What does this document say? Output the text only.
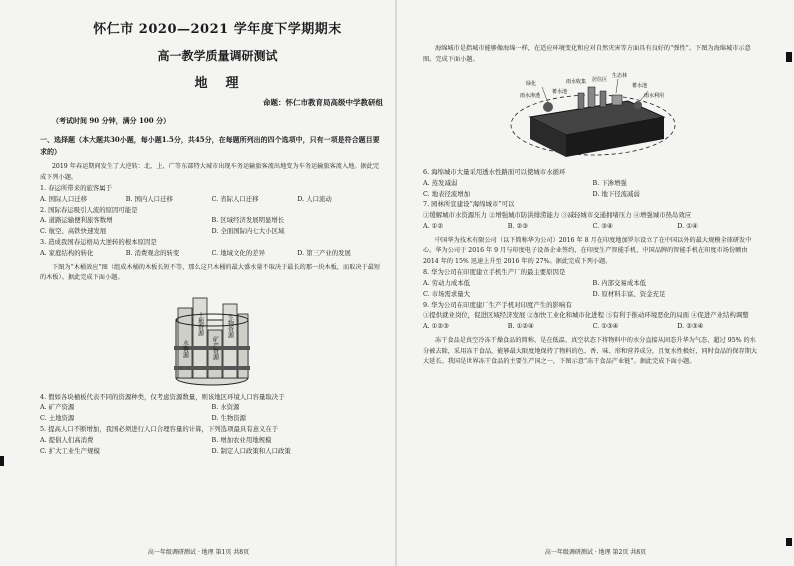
怀仁市 2020—2021 学年度下学期期末
高一教学质量调研测试
地理
命题：怀仁市教育局高级中学教研组
（考试时间 90 分钟，满分 100 分）
一、选择题（本大题共30小题，每小题1.5分，共45分，在每题所列出的四个选项中，只有一项是符合题目要求的）
2019 年春运期间发生了大逆转：北、上、广等东部特大城市出现车务运输旅客流出地变为车务运输旅客流入地。据此完成下列小题。
1. 春运所带来的旅客属于
A. 国际人口迁移	B. 国内人口迁移	C. 省际人口迁移	D. 人口流动
2. 国际春运吸引人流的原因可能是
A. 道路运输便利旅客数增	B. 区域经济发展明显增长
C. 航空、高铁快速发展	D. 全面国际内七大小区域
3. 造成我国春运格局大逆转的根本原因是
A. 家庭结构的转化	B. 消费观念的转变	C. 地域文化的差异	D. 第三产业的发展
下图为“木桶效应”图（组成木桶的木板长短不等，那么这只木桶的最大盛水量不取决于最长的那一块木板，而取决于最短的木板）。据此完成下面小题。
水资源
土地资源
矿产资源
生物资源
4. 假如各块桶板代表不同的资源种类，仅考虑资源数量，则该地区环境人口容量取决于
A. 矿产资源	B. 水资源
C. 土地资源	D. 生物资源
5. 提高人口不断增加，我国必须进行人口合理容量的计算，下列选项最具有意义在于
A. 提倡人们高消费	B. 增加农业用地规模
C. 扩大工业生产规模	D. 制定人口政策和人口政策
高一年级调研测试 · 地理 第1页 共8页
海绵城市是指城市能够像海绵一样，在适应环境变化和应对自然灾害等方面具有良好的“弹性”。下图为海绵城市示意图。完成下面小题。
绿化
雨水渗透
蓄水池
雨水收集 居住区
生态林
蓄水池
雨水利用
6. 海绵城市大量采用透水性路面可以使城市水循环
A. 蒸发减弱	B. 下渗增强
C. 地表径流增加	D. 地下径流减弱
7. 园林所宣建设“海绵城市”可以
①缓解城市水资源压力 ②增强城市防洪排涝能力 ③减轻城市交通拥堵压力 ④增强城市热岛效应
A. ①②	B. ②③	C. ③④	D. ①④
中国华为技术有限公司（以下简称华为公司）2016 年 8 月在印度地加罗尔设立了在中国以外的最大规模全球研发中心。华为公司于 2016 年 9 月与印度电子设备企业签约，在印度生产智能手机，中国品牌的智能手机在印度市场份额由 2014 年的 15% 迅速上升至 2016 年的 27%。据此完成下列小题。
8. 华为公司在印度建立手机生产厂的最主要原因是
A. 劳动力成本低	B. 内部交易成本低
C. 市场需求量大	D. 原材料丰富、资金充足
9. 华为公司在印度建厂生产手机对印度产生的影响有
①提供就业岗位，促进区域经济发展 ②加快工业化和城市化进程 ③有利于推动环境恶化的局面 ④促进产业结构调整
A. ①②③	B. ①②④	C. ①③④	D. ②③④
冻干食品是真空冷冻干燥食品的简称，是在低温、真空状态下将物料中的水分直接从固态升华为气态，超过 95% 的水分被去除，采用冻干食品，能够最大限度地保持了物料的色、香、味、形和营养成分，且复水性极好，同时食品的保存期大大延长。我国是世界冻干食品的主要生产国之一，下图示意“冻干食品产业链”。据此完成下面小题。
高一年级调研测试 · 地理 第2页 共8页
